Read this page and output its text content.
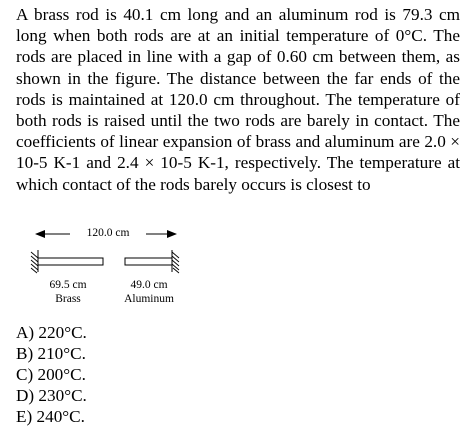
A brass rod is 40.1 cm long and an aluminum rod is 79.3 cm long when both rods are at an initial temperature of 0°C. The rods are placed in line with a gap of 0.60 cm between them, as shown in the figure. The distance between the far ends of the rods is maintained at 120.0 cm throughout. The temperature of both rods is raised until the two rods are barely in contact. The coefficients of linear expansion of brass and aluminum are 2.0 × 10-5 K-1 and 2.4 × 10-5 K-1, respectively. The temperature at which contact of the rods barely occurs is closest to

120.0 cm
69.5 cm
Brass
49.0 cm
Aluminum
A) 220°C.
B) 210°C.
C) 200°C.
D) 230°C.
E) 240°C.
